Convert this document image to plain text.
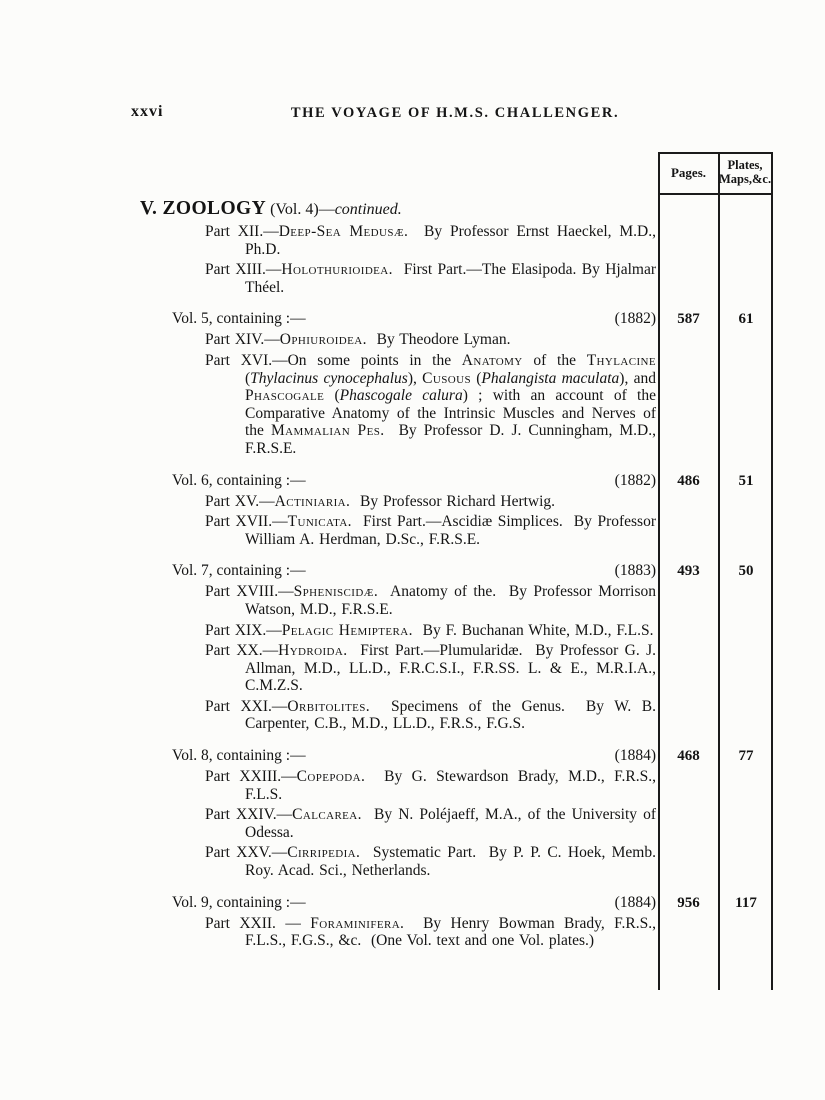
xxvi	THE VOYAGE OF H.M.S. CHALLENGER.
Pages.	Plates,
Maps,&c.
V. ZOOLOGY (Vol. 4)—continued.

Part XII.—Deep-Sea Medusæ.  By Professor Ernst Haeckel, M.D., Ph.D.

Part XIII.—Holothurioidea.  First Part.—The Elasipoda. By Hjalmar Théel.

Vol. 5, containing :—	(1882)	587	61

Part XIV.—Ophiuroidea.  By Theodore Lyman.

Part XVI.—On some points in the Anatomy of the Thylacine (Thylacinus cynocephalus), Cusous (Phalangista maculata), and Phascogale (Phascogale calura) ; with an account of the Comparative Anatomy of the Intrinsic Muscles and Nerves of the Mammalian Pes.  By Professor D. J. Cunningham, M.D., F.R.S.E.

Vol. 6, containing :—	(1882)	486	51

Part XV.—Actiniaria.  By Professor Richard Hertwig.

Part XVII.—Tunicata.  First Part.—Ascidiæ Simplices.  By Professor William A. Herdman, D.Sc., F.R.S.E.

Vol. 7, containing :—	(1883)	493	50

Part XVIII.—Spheniscidæ.  Anatomy of the.  By Professor Morrison Watson, M.D., F.R.S.E.

Part XIX.—Pelagic Hemiptera.  By F. Buchanan White, M.D., F.L.S.

Part XX.—Hydroida.  First Part.—Plumularidæ.  By Professor G. J. Allman, M.D., LL.D., F.R.C.S.I., F.R.SS. L. & E., M.R.I.A., C.M.Z.S.

Part XXI.—Orbitolites.  Specimens of the Genus.  By W. B. Carpenter, C.B., M.D., LL.D., F.R.S., F.G.S.

Vol. 8, containing :—	(1884)	468	77

Part XXIII.—Copepoda.  By G. Stewardson Brady, M.D., F.R.S., F.L.S.

Part XXIV.—Calcarea.  By N. Poléjaeff, M.A., of the University of Odessa.

Part XXV.—Cirripedia.  Systematic Part.  By P. P. C. Hoek, Memb. Roy. Acad. Sci., Netherlands.

Vol. 9, containing :—	(1884)	956	117

Part XXII. — Foraminifera.  By Henry Bowman Brady, F.R.S., F.L.S., F.G.S., &c.  (One Vol. text and one Vol. plates.)
